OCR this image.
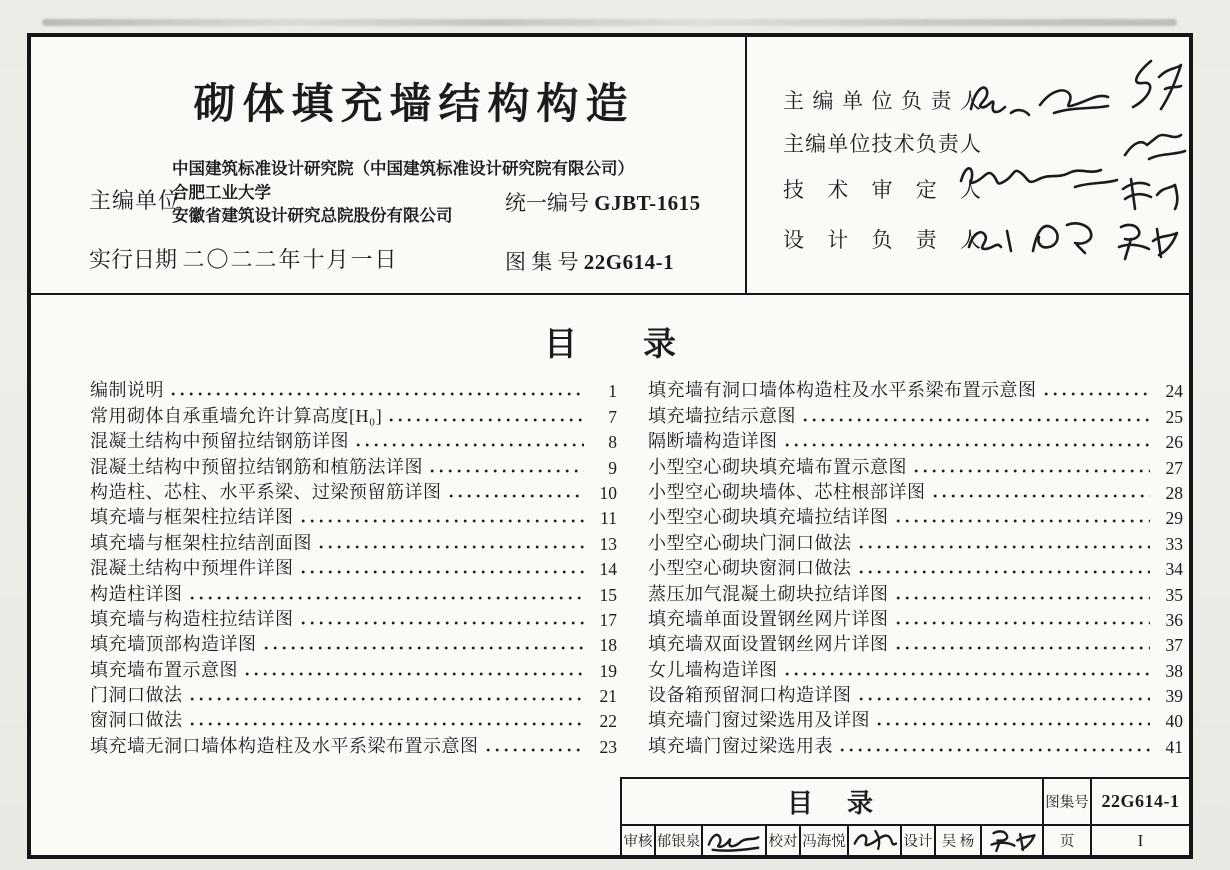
砌体填充墙结构构造
主编单位
中国建筑标准设计研究院（中国建筑标准设计研究院有限公司）
合肥工业大学
安徽省建筑设计研究总院股份有限公司
统一编号 GJBT-1615
实行日期 二〇二二年十月一日	图 集 号 22G614-1
主编单位负责人
主编单位技术负责人
技术审定人
设计负责人
目　　录
编制说明	1
常用砌体自承重墙允许计算高度[H₀]	7
混凝土结构中预留拉结钢筋详图	8
混凝土结构中预留拉结钢筋和植筋法详图	9
构造柱、芯柱、水平系梁、过梁预留筋详图	10
填充墙与框架柱拉结详图	11
填充墙与框架柱拉结剖面图	13
混凝土结构中预埋件详图	14
构造柱详图	15
填充墙与构造柱拉结详图	17
填充墙顶部构造详图	18
填充墙布置示意图	19
门洞口做法	21
窗洞口做法	22
填充墙无洞口墙体构造柱及水平系梁布置示意图	23
填充墙有洞口墙体构造柱及水平系梁布置示意图	24
填充墙拉结示意图	25
隔断墙构造详图	26
小型空心砌块填充墙布置示意图	27
小型空心砌块墙体、芯柱根部详图	28
小型空心砌块填充墙拉结详图	29
小型空心砌块门洞口做法	33
小型空心砌块窗洞口做法	34
蒸压加气混凝土砌块拉结详图	35
填充墙单面设置钢丝网片详图	36
填充墙双面设置钢丝网片详图	37
女儿墙构造详图	38
设备箱预留洞口构造详图	39
填充墙门窗过梁选用及详图	40
填充墙门窗过梁选用表	41
目　录	图集号 22G614-1
审核 郁银泉	校对 冯海悦	设计 吴 杨	页	I
